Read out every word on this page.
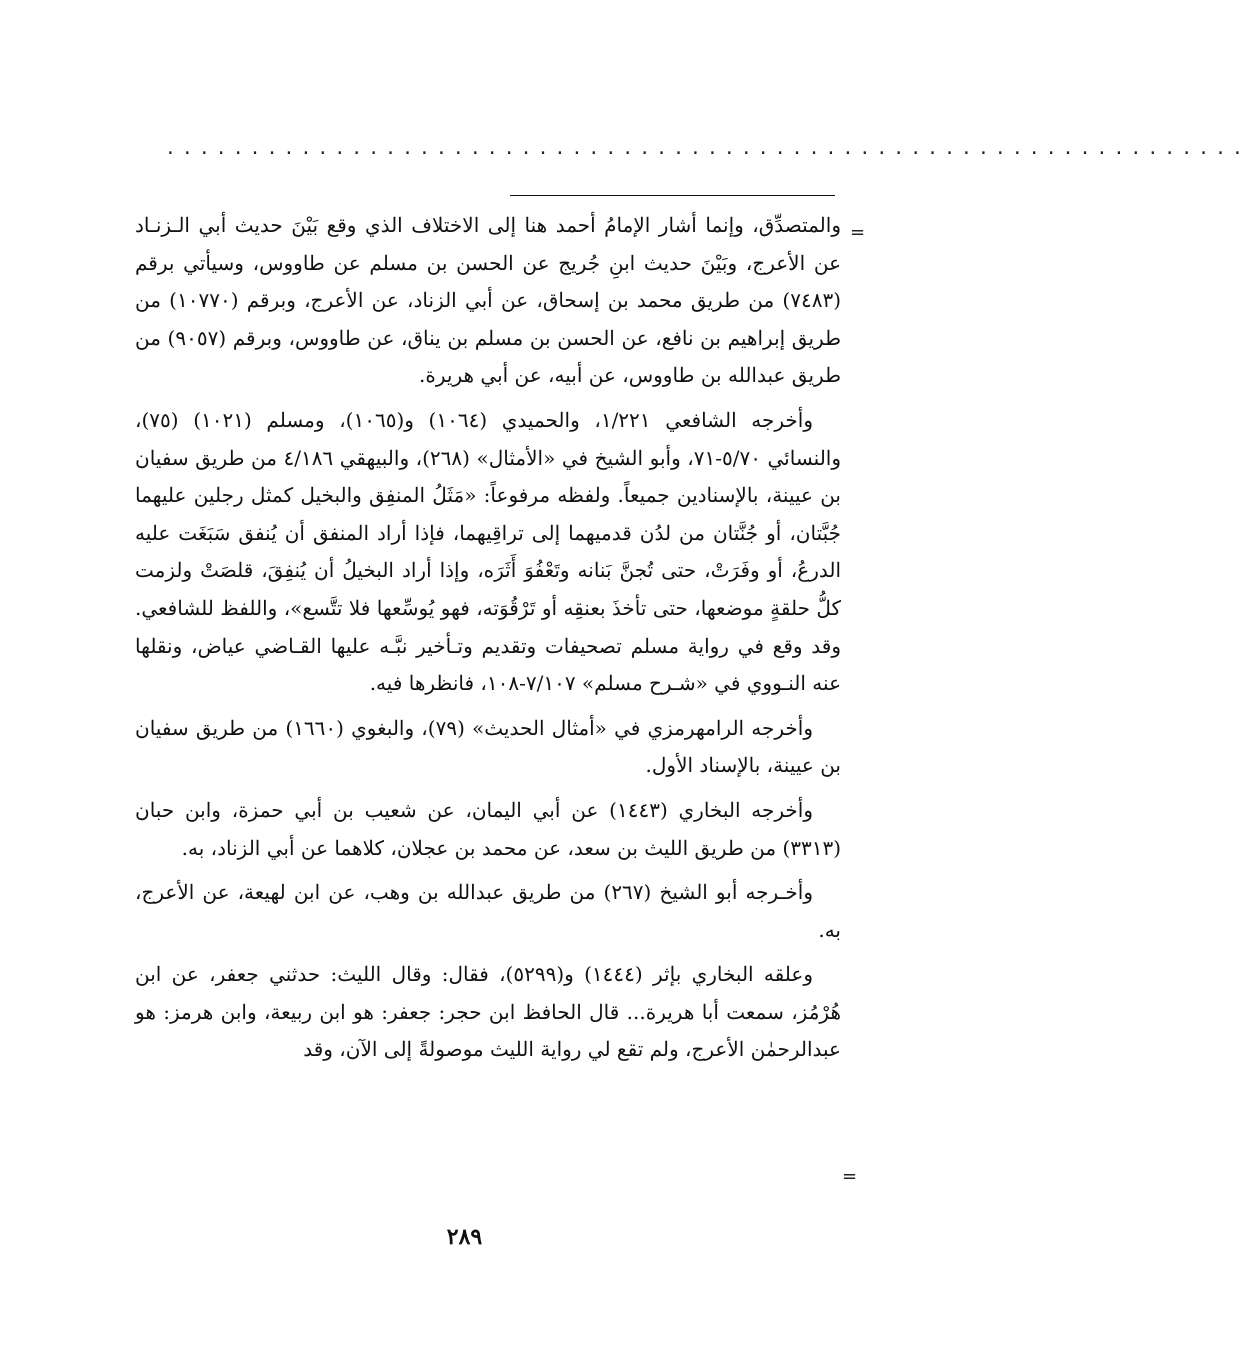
................................................................
=

والمتصدِّق، وإنما أشار الإمامُ أحمد هنا إلى الاختلاف الذي وقع بَيْنَ حديث أبي الـزنـاد عن الأعرج، وبَيْنَ حديث ابنِ جُريج عن الحسن بن مسلم عن طاووس، وسيأتي برقم (٧٤٨٣) من طريق محمد بن إسحاق، عن أبي الزناد، عن الأعرج، وبرقم (١٠٧٧٠) من طريق إبراهيم بن نافع، عن الحسن بن مسلم بن يناق، عن طاووس، وبرقم (٩٠٥٧) من طريق عبدالله بن طاووس، عن أبيه، عن أبي هريرة.

وأخرجه الشافعي ١/٢٢١، والحميدي (١٠٦٤) و(١٠٦٥)، ومسلم (١٠٢١) (٧٥)، والنسائي ٥/٧٠-٧١، وأبو الشيخ في «الأمثال» (٢٦٨)، والبيهقي ٤/١٨٦ من طريق سفيان بن عيينة، بالإسنادين جميعاً. ولفظه مرفوعاً: «مَثَلُ المنفِق والبخيل كمثل رجلين عليهما جُبَّتان، أو جُنَّتان من لدُن قدميهما إلى تراقِيهما، فإذا أراد المنفق أن يُنفق سَبَغَت عليه الدرعُ، أو وفَرَتْ، حتى تُجنَّ بَنانه وتَعْفُوَ أَثَرَه، وإذا أراد البخيلُ أن يُنفِقَ، قلصَتْ ولزمت كلُّ حلقةٍ موضعها، حتى تأخذَ بعنقِه أو تَرْقُوَته، فهو يُوسِّعها فلا تتَّسع»، واللفظ للشافعي. وقد وقع في رواية مسلم تصحيفات وتقديم وتـأخير نبَّـه عليها القـاضي عياض، ونقلها عنه النـووي في «شـرح مسلم» ٧/١٠٧-١٠٨، فانظرها فيه.

وأخرجه الرامهرمزي في «أمثال الحديث» (٧٩)، والبغوي (١٦٦٠) من طريق سفيان بن عيينة، بالإسناد الأول.

وأخرجه البخاري (١٤٤٣) عن أبي اليمان، عن شعيب بن أبي حمزة، وابن حبان (٣٣١٣) من طريق الليث بن سعد، عن محمد بن عجلان، كلاهما عن أبي الزناد، به.

وأخـرجه أبو الشيخ (٢٦٧) من طريق عبدالله بن وهب، عن ابن لهيعة، عن الأعرج، به.

وعلقه البخاري بإثر (١٤٤٤) و(٥٢٩٩)، فقال: وقال الليث: حدثني جعفر، عن ابن هُرْمُز، سمعت أبا هريرة... قال الحافظ ابن حجر: جعفر: هو ابن ربيعة، وابن هرمز: هو عبدالرحمٰن الأعرج، ولم تقع لي رواية الليث موصولةً إلى الآن، وقد

=
٢٨٩
